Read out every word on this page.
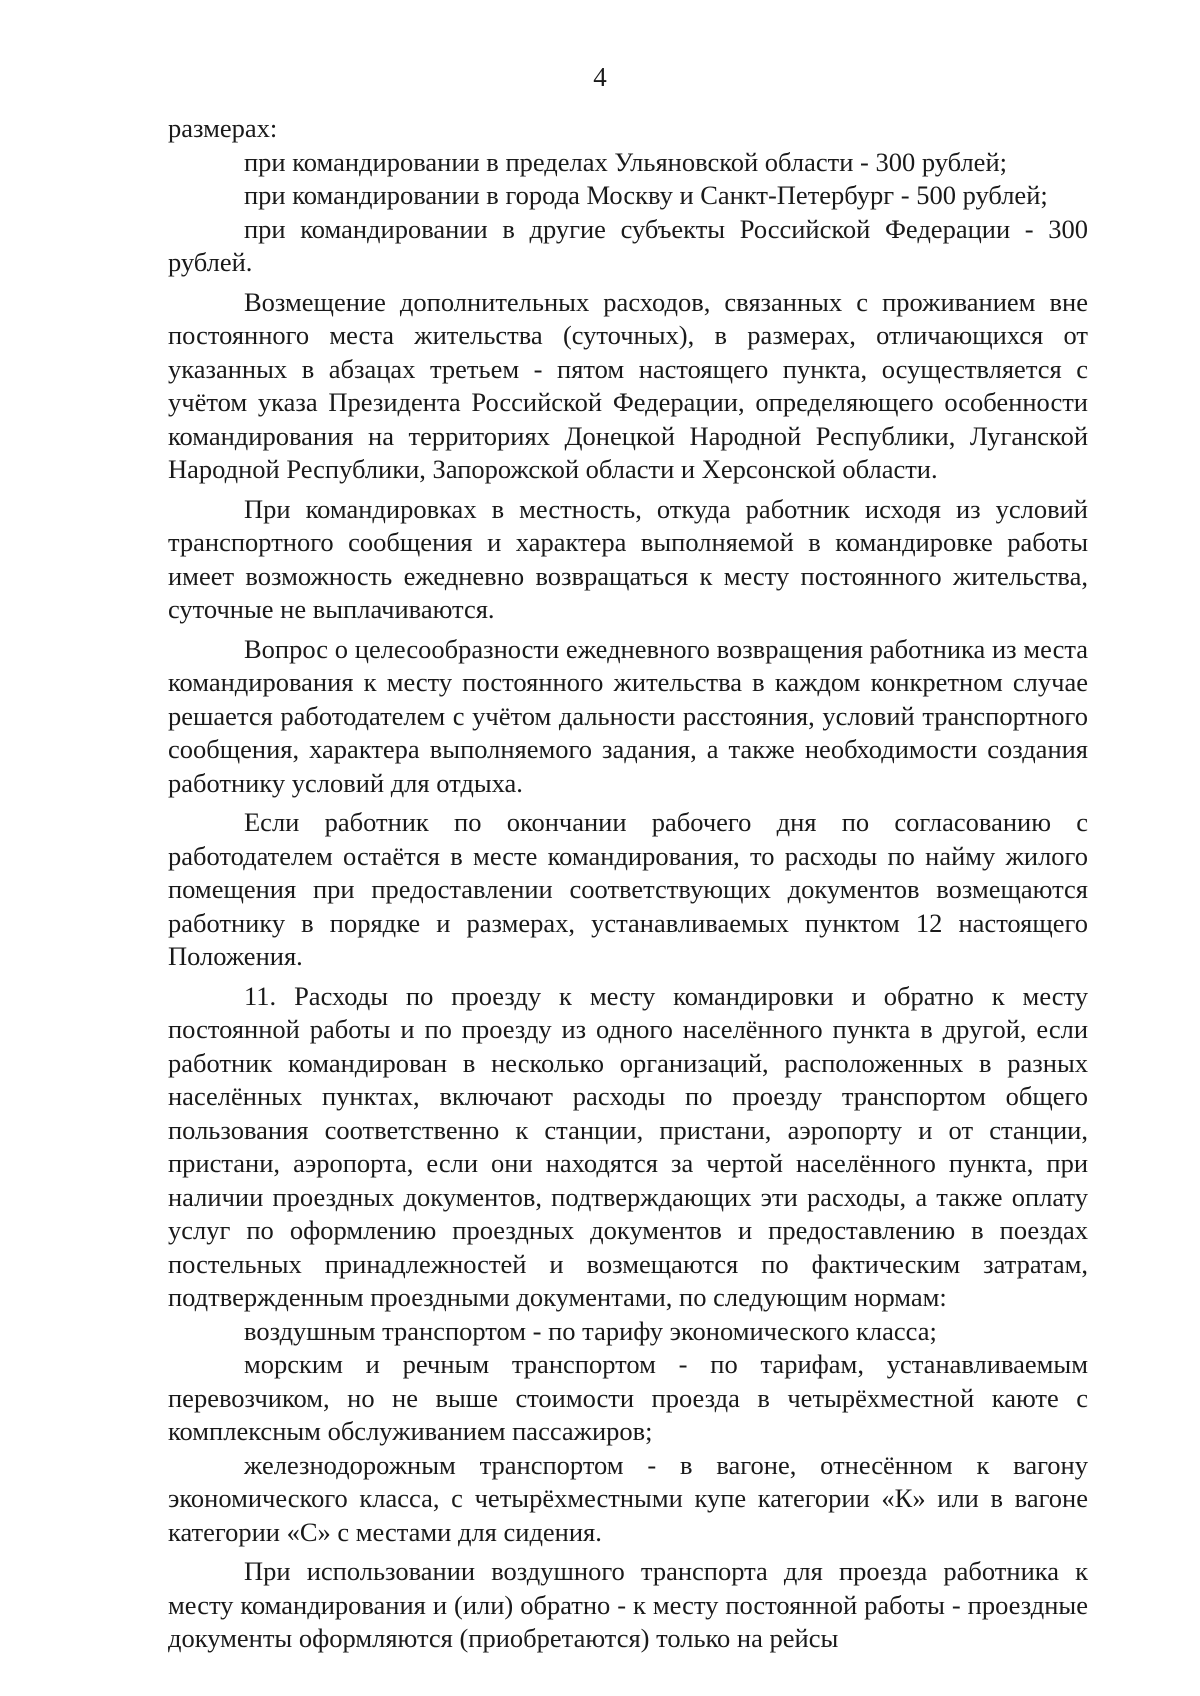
4

размерах:

при командировании в пределах Ульяновской области - 300 рублей;

при командировании в города Москву и Санкт-Петербург - 500 рублей;

при командировании в другие субъекты Российской Федерации - 300 рублей.

Возмещение дополнительных расходов, связанных с проживанием вне постоянного места жительства (суточных), в размерах, отличающихся от указанных в абзацах третьем - пятом настоящего пункта, осуществляется с учётом указа Президента Российской Федерации, определяющего особенности командирования на территориях Донецкой Народной Республики, Луганской Народной Республики, Запорожской области и Херсонской области.

При командировках в местность, откуда работник исходя из условий транспортного сообщения и характера выполняемой в командировке работы имеет возможность ежедневно возвращаться к месту постоянного жительства, суточные не выплачиваются.

Вопрос о целесообразности ежедневного возвращения работника из места командирования к месту постоянного жительства в каждом конкретном случае решается работодателем с учётом дальности расстояния, условий транспортного сообщения, характера выполняемого задания, а также необходимости создания работнику условий для отдыха.

Если работник по окончании рабочего дня по согласованию с работодателем остаётся в месте командирования, то расходы по найму жилого помещения при предоставлении соответствующих документов возмещаются работнику в порядке и размерах, устанавливаемых пунктом 12 настоящего Положения.

11. Расходы по проезду к месту командировки и обратно к месту постоянной работы и по проезду из одного населённого пункта в другой, если работник командирован в несколько организаций, расположенных в разных населённых пунктах, включают расходы по проезду транспортом общего пользования соответственно к станции, пристани, аэропорту и от станции, пристани, аэропорта, если они находятся за чертой населённого пункта, при наличии проездных документов, подтверждающих эти расходы, а также оплату услуг по оформлению проездных документов и предоставлению в поездах постельных принадлежностей и возмещаются по фактическим затратам, подтвержденным проездными документами, по следующим нормам:

воздушным транспортом - по тарифу экономического класса;

морским и речным транспортом - по тарифам, устанавливаемым перевозчиком, но не выше стоимости проезда в четырёхместной каюте с комплексным обслуживанием пассажиров;

железнодорожным транспортом - в вагоне, отнесённом к вагону экономического класса, с четырёхместными купе категории «К» или в вагоне категории «С» с местами для сидения.

При использовании воздушного транспорта для проезда работника к месту командирования и (или) обратно - к месту постоянной работы - проездные документы оформляются (приобретаются) только на рейсы
